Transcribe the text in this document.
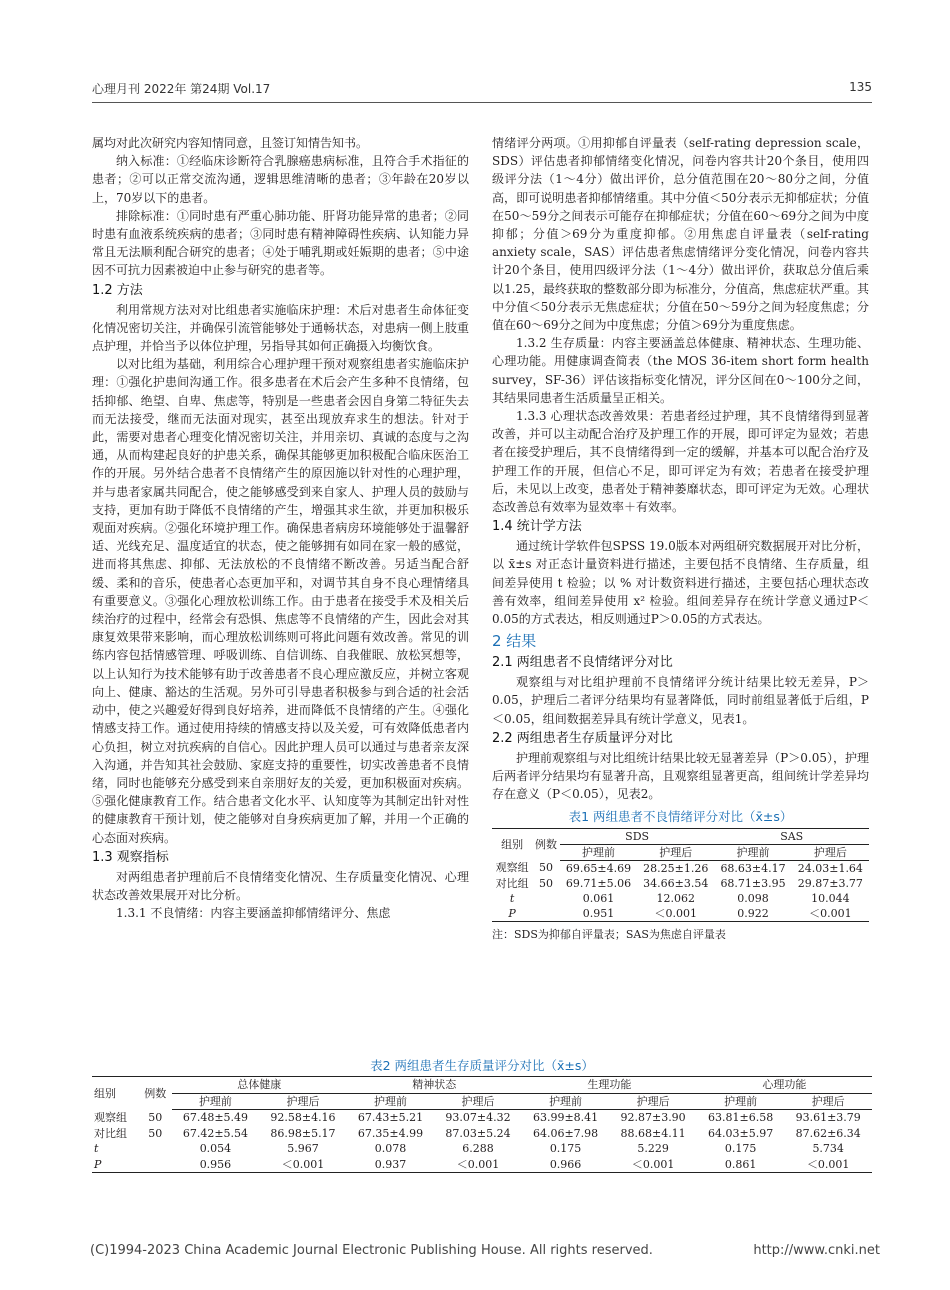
心理月刊 2022年 第24期 Vol.17	135

属均对此次研究内容知情同意，且签订知情告知书。

纳入标准：①经临床诊断符合乳腺癌患病标准，且符合手术指征的患者；②可以正常交流沟通，逻辑思维清晰的患者；③年龄在20岁以上，70岁以下的患者。

排除标准：①同时患有严重心肺功能、肝肾功能异常的患者；②同时患有血液系统疾病的患者；③同时患有精神障碍性疾病、认知能力异常且无法顺利配合研究的患者；④处于哺乳期或妊娠期的患者；⑤中途因不可抗力因素被迫中止参与研究的患者等。

1.2 方法

利用常规方法对对比组患者实施临床护理：术后对患者生命体征变化情况密切关注，并确保引流管能够处于通畅状态，对患病一侧上肢重点护理，并恰当予以体位护理，另指导其如何正确摄入均衡饮食。

以对比组为基础，利用综合心理护理干预对观察组患者实施临床护理：①强化护患间沟通工作。很多患者在术后会产生多种不良情绪，包括抑郁、绝望、自卑、焦虑等，特别是一些患者会因自身第二特征失去而无法接受，继而无法面对现实，甚至出现放弃求生的想法。针对于此，需要对患者心理变化情况密切关注，并用亲切、真诚的态度与之沟通，从而构建起良好的护患关系，确保其能够更加积极配合临床医治工作的开展。另外结合患者不良情绪产生的原因施以针对性的心理护理，并与患者家属共同配合，使之能够感受到来自家人、护理人员的鼓励与支持，更加有助于降低不良情绪的产生，增强其求生欲，并更加积极乐观面对疾病。②强化环境护理工作。确保患者病房环境能够处于温馨舒适、光线充足、温度适宜的状态，使之能够拥有如同在家一般的感觉，进而将其焦虑、抑郁、无法放松的不良情绪不断改善。另适当配合舒缓、柔和的音乐，使患者心态更加平和，对调节其自身不良心理情绪具有重要意义。③强化心理放松训练工作。由于患者在接受手术及相关后续治疗的过程中，经常会有恐惧、焦虑等不良情绪的产生，因此会对其康复效果带来影响，而心理放松训练则可将此问题有效改善。常见的训练内容包括情感管理、呼吸训练、自信训练、自我催眠、放松冥想等，以上认知行为技术能够有助于改善患者不良心理应激反应，并树立客观向上、健康、豁达的生活观。另外可引导患者积极参与到合适的社会活动中，使之兴趣爱好得到良好培养，进而降低不良情绪的产生。④强化情感支持工作。通过使用持续的情感支持以及关爱，可有效降低患者内心负担，树立对抗疾病的自信心。因此护理人员可以通过与患者亲友深入沟通，并告知其社会鼓励、家庭支持的重要性，切实改善患者不良情绪，同时也能够充分感受到来自亲朋好友的关爱，更加积极面对疾病。⑤强化健康教育工作。结合患者文化水平、认知度等为其制定出针对性的健康教育干预计划，使之能够对自身疾病更加了解，并用一个正确的心态面对疾病。

1.3 观察指标

对两组患者护理前后不良情绪变化情况、生存质量变化情况、心理状态改善效果展开对比分析。

1.3.1 不良情绪：内容主要涵盖抑郁情绪评分、焦虑

情绪评分两项。①用抑郁自评量表（self-rating depression scale，SDS）评估患者抑郁情绪变化情况，问卷内容共计20个条目，使用四级评分法（1～4分）做出评价，总分值范围在20～80分之间，分值高，即可说明患者抑郁情绪重。其中分值＜50分表示无抑郁症状；分值在50～59分之间表示可能存在抑郁症状；分值在60～69分之间为中度抑郁；分值＞69分为重度抑郁。②用焦虑自评量表（self-rating anxiety scale，SAS）评估患者焦虑情绪评分变化情况，问卷内容共计20个条目，使用四级评分法（1～4分）做出评价，获取总分值后乘以1.25，最终获取的整数部分即为标准分，分值高，焦虑症状严重。其中分值＜50分表示无焦虑症状；分值在50～59分之间为轻度焦虑；分值在60～69分之间为中度焦虑；分值＞69分为重度焦虑。

1.3.2 生存质量：内容主要涵盖总体健康、精神状态、生理功能、心理功能。用健康调查简表（the MOS 36-item short form health survey，SF-36）评估该指标变化情况，评分区间在0～100分之间，其结果同患者生活质量呈正相关。

1.3.3 心理状态改善效果：若患者经过护理，其不良情绪得到显著改善，并可以主动配合治疗及护理工作的开展，即可评定为显效；若患者在接受护理后，其不良情绪得到一定的缓解，并基本可以配合治疗及护理工作的开展，但信心不足，即可评定为有效；若患者在接受护理后，未见以上改变，患者处于精神萎靡状态，即可评定为无效。心理状态改善总有效率为显效率＋有效率。

1.4 统计学方法

通过统计学软件包SPSS 19.0版本对两组研究数据展开对比分析，以 x̄±s 对正态计量资料进行描述，主要包括不良情绪、生存质量，组间差异使用 t 检验；以 % 对计数资料进行描述，主要包括心理状态改善有效率，组间差异使用 x² 检验。组间差异存在统计学意义通过P＜0.05的方式表达，相反则通过P＞0.05的方式表达。

2 结果
2.1 两组患者不良情绪评分对比

观察组与对比组护理前不良情绪评分统计结果比较无差异，P＞0.05，护理后二者评分结果均有显著降低，同时前组显著低于后组，P＜0.05，组间数据差异具有统计学意义，见表1。

2.2 两组患者生存质量评分对比

护理前观察组与对比组统计结果比较无显著差异（P＞0.05），护理后两者评分结果均有显著升高，且观察组显著更高，组间统计学差异均存在意义（P＜0.05），见表2。

表1 两组患者不良情绪评分对比（x̄±s）
组别	例数	SDS		SAS	
		护理前	护理后	护理前	护理后
观察组	50	69.65±4.69	28.25±1.26	68.63±4.17	24.03±1.64
对比组	50	69.71±5.06	34.66±3.54	68.71±3.95	29.87±3.77
t		0.061	12.062	0.098	10.044
P		0.951	＜0.001	0.922	＜0.001
注：SDS为抑郁自评量表；SAS为焦虑自评量表
表2 两组患者生存质量评分对比（x̄±s）
组别	例数	总体健康		精神状态		生理功能		心理功能	
		护理前	护理后	护理前	护理后	护理前	护理后	护理前	护理后
观察组	50	67.48±5.49	92.58±4.16	67.43±5.21	93.07±4.32	63.99±8.41	92.87±3.90	63.81±6.58	93.61±3.79
对比组	50	67.42±5.54	86.98±5.17	67.35±4.99	87.03±5.24	64.06±7.98	88.68±4.11	64.03±5.97	87.62±6.34
t		0.054	5.967	0.078	6.288	0.175	5.229	0.175	5.734
P		0.956	＜0.001	0.937	＜0.001	0.966	＜0.001	0.861	＜0.001
(C)1994-2023 China Academic Journal Electronic Publishing House. All rights reserved.	http://www.cnki.net
